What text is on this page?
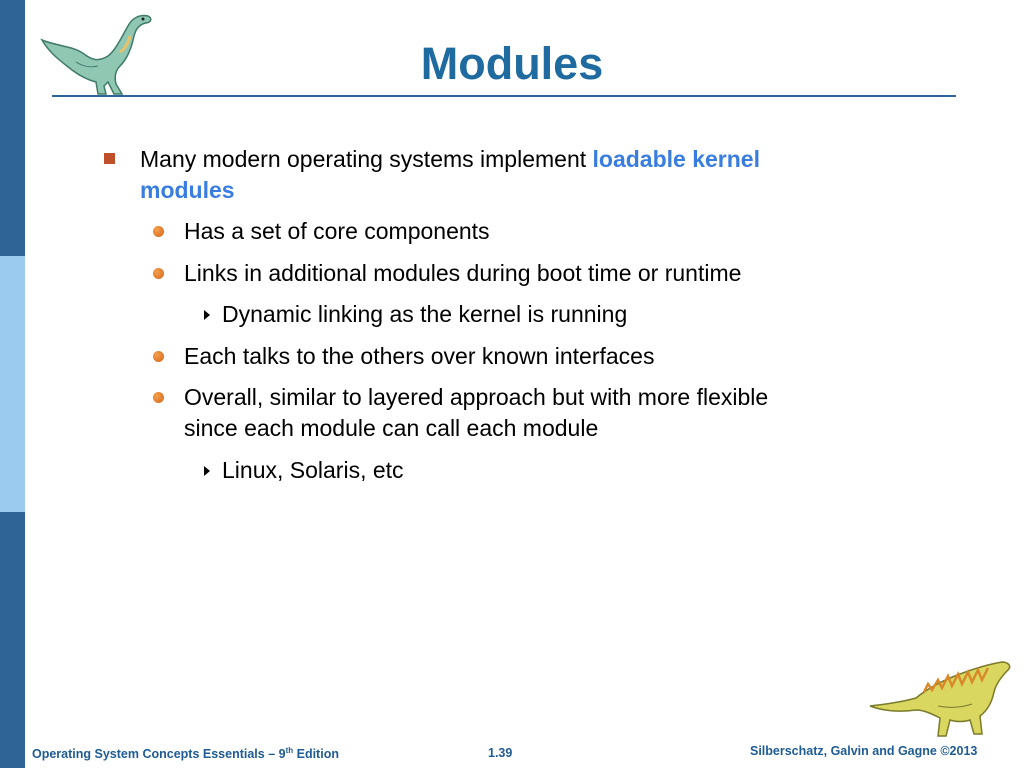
Modules
Many modern operating systems implement loadable kernel
modules
Has a set of core components
Links in additional modules during boot time or runtime
Dynamic linking as the kernel is running
Each talks to the others over known interfaces
Overall, similar to layered approach but with more flexible
since each module can call each module
Linux, Solaris, etc
Operating System Concepts Essentials – 9th Edition	1.39	Silberschatz, Galvin and Gagne ©2013
